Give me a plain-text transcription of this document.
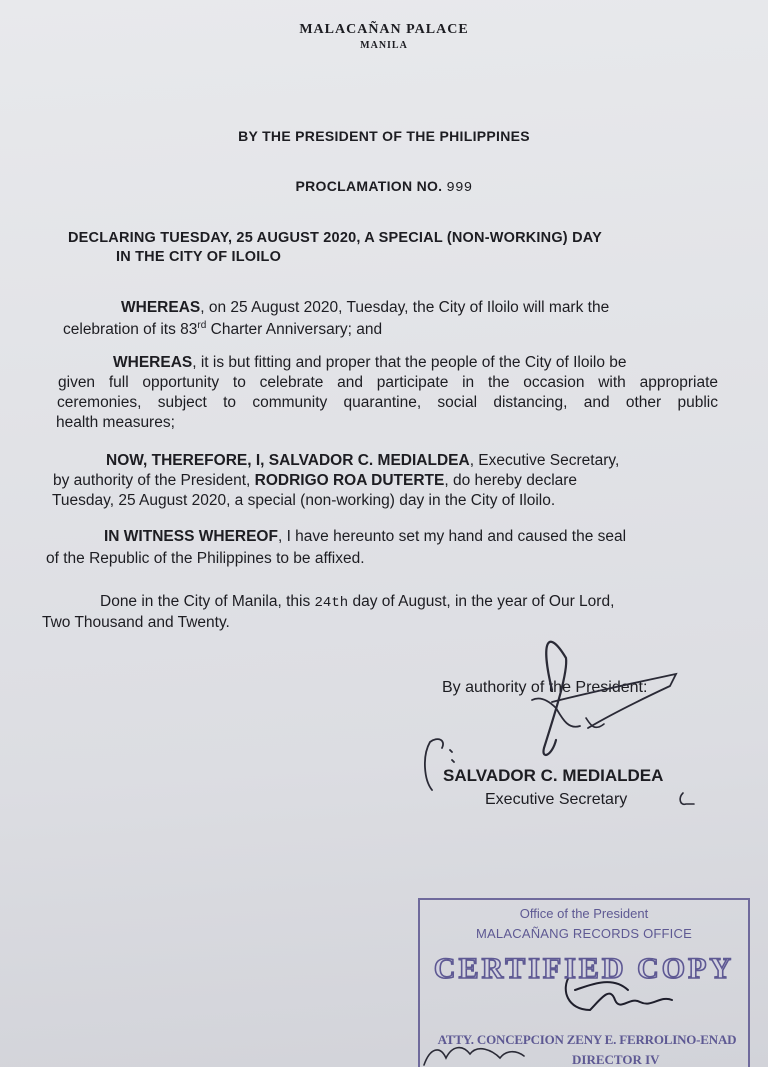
MALACAÑAN PALACE

MANILA

BY THE PRESIDENT OF THE PHILIPPINES

PROCLAMATION NO. 999

DECLARING TUESDAY, 25 AUGUST 2020, A SPECIAL (NON-WORKING) DAY

IN THE CITY OF ILOILO

WHEREAS, on 25 August 2020, Tuesday, the City of Iloilo will mark the

celebration of its 83rd Charter Anniversary; and

WHEREAS, it is but fitting and proper that the people of the City of Iloilo be

given full opportunity to celebrate and participate in the occasion with appropriate

ceremonies, subject to community quarantine, social distancing, and other public

health measures;

NOW, THEREFORE, I, SALVADOR C. MEDIALDEA, Executive Secretary,

by authority of the President, RODRIGO ROA DUTERTE, do hereby declare

Tuesday, 25 August 2020, a special (non-working) day in the City of Iloilo.

IN WITNESS WHEREOF, I have hereunto set my hand and caused the seal

of the Republic of the Philippines to be affixed.

Done in the City of Manila, this 24th day of August, in the year of Our Lord,

Two Thousand and Twenty.

By authority of the President:

SALVADOR C. MEDIALDEA

Executive Secretary

Office of the President
MALACAÑANG RECORDS OFFICE
CERTIFIED COPY
ATTY. CONCEPCION ZENY E. FERROLINO-ENAD
DIRECTOR IV
